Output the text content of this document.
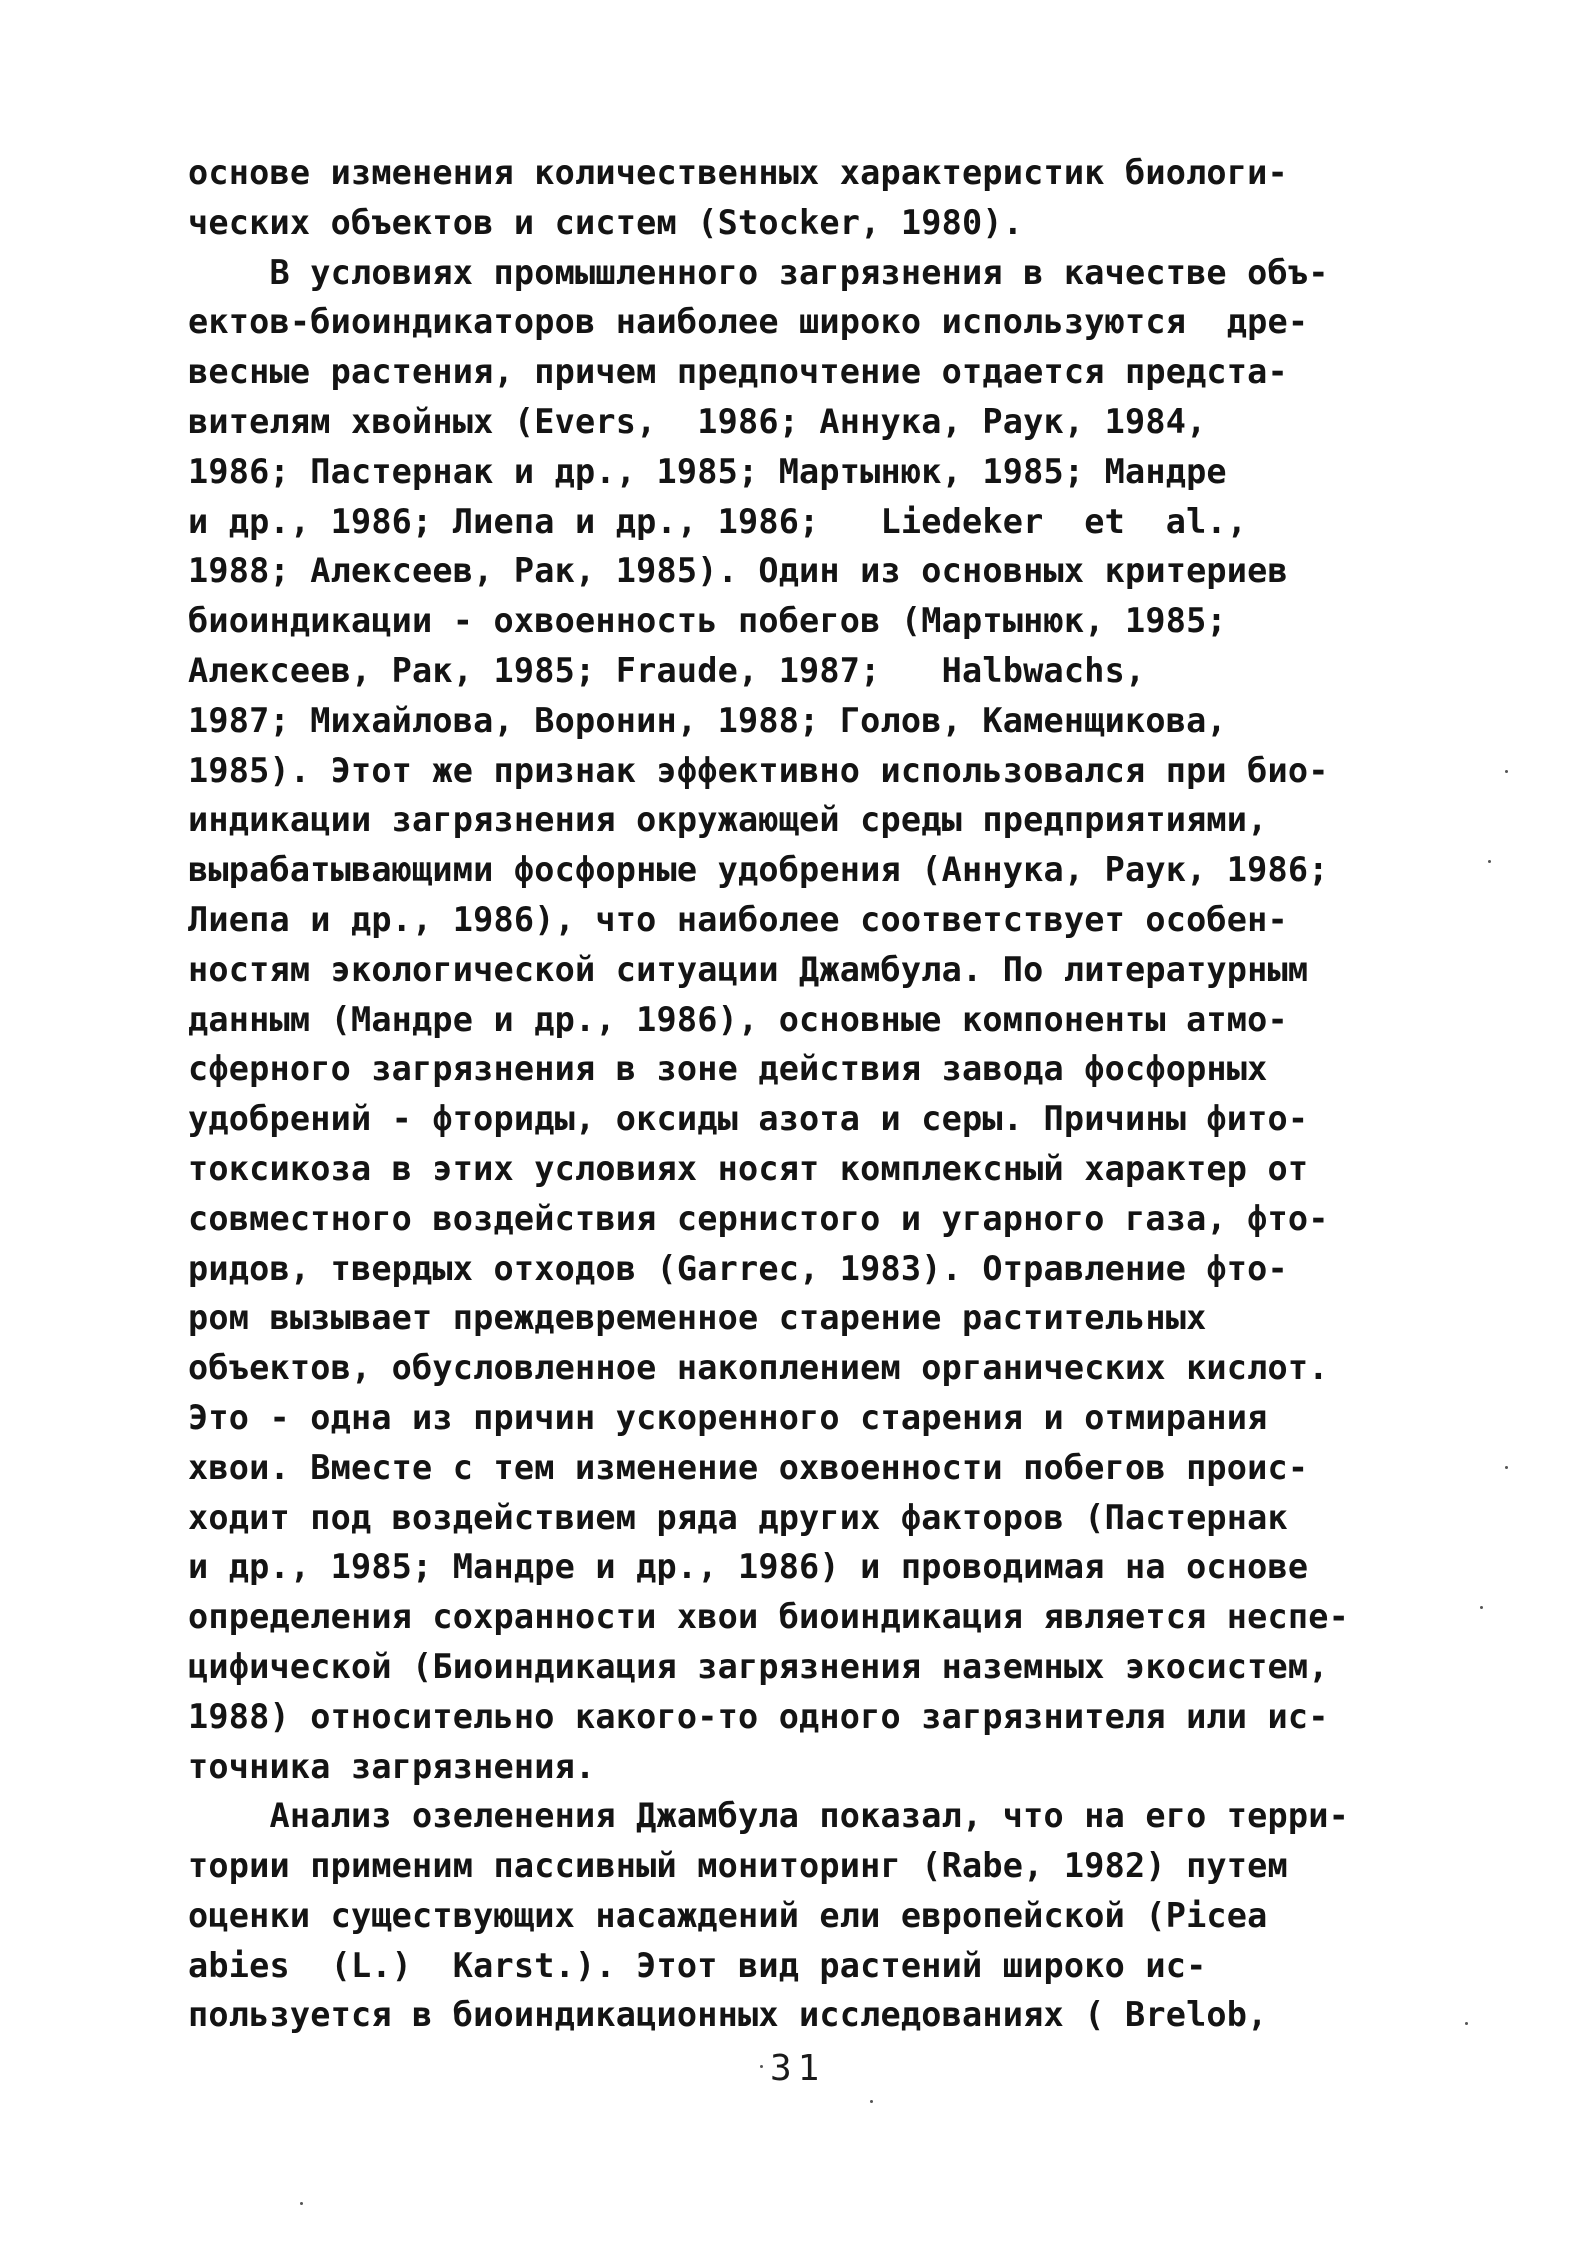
основе изменения количественных характеристик биологи-
ческих объектов и систем (Stocker, 1980).
В условиях промышленного загрязнения в качестве объ-
ектов-биоиндикаторов наиболее широко используются  дре-
весные растения, причем предпочтение отдается предста-
вителям хвойных (Evers,  1986; Аннука, Раук, 1984,
1986; Пастернак и др., 1985; Мартынюк, 1985; Мандре
и др., 1986; Лиепа и др., 1986;   Liedeker  et  al.,
1988; Алексеев, Рак, 1985). Один из основных критериев
биоиндикации - охвоенность побегов (Мартынюк, 1985;
Алексеев, Рак, 1985; Fraude, 1987;   Halbwachs,
1987; Михайлова, Воронин, 1988; Голов, Каменщикова,
1985). Этот же признак эффективно использовался при био-
индикации загрязнения окружающей среды предприятиями,
вырабатывающими фосфорные удобрения (Аннука, Раук, 1986;
Лиепа и др., 1986), что наиболее соответствует особен-
ностям экологической ситуации Джамбула. По литературным
данным (Мандре и др., 1986), основные компоненты атмо-
сферного загрязнения в зоне действия завода фосфорных
удобрений - фториды, оксиды азота и серы. Причины фито-
токсикоза в этих условиях носят комплексный характер от
совместного воздействия сернистого и угарного газа, фто-
ридов, твердых отходов (Garrec, 1983). Отравление фто-
ром вызывает преждевременное старение растительных
объектов, обусловленное накоплением органических кислот.
Это - одна из причин ускоренного старения и отмирания
хвои. Вместе с тем изменение охвоенности побегов проис-
ходит под воздействием ряда других факторов (Пастернак
и др., 1985; Мандре и др., 1986) и проводимая на основе
определения сохранности хвои биоиндикация является неспе-
цифической (Биоиндикация загрязнения наземных экосистем,
1988) относительно какого-то одного загрязнителя или ис-
точника загрязнения.
Анализ озеленения Джамбула показал, что на его терри-
тории применим пассивный мониторинг (Rabe, 1982) путем
оценки существующих насаждений ели европейской (Picea
abies  (L.)  Karst.). Этот вид растений широко ис-
пользуется в биоиндикационных исследованиях ( Brelob,
31
